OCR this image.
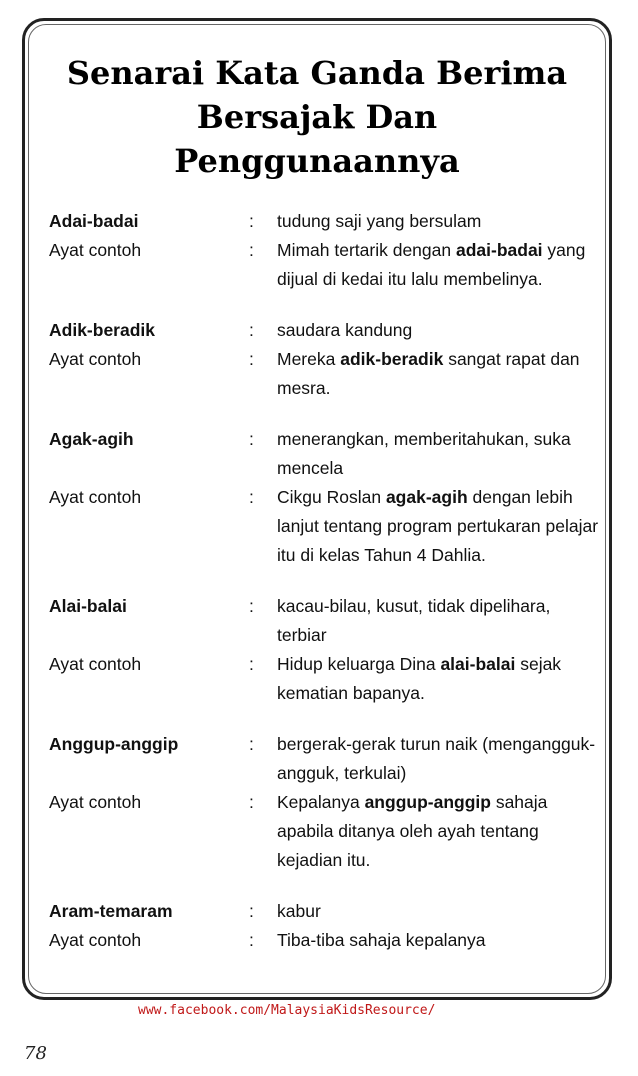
Senarai Kata Ganda Berima
Bersajak Dan
Penggunaannya
Adai-badai	:	tudung saji yang bersulam
Ayat contoh	:	Mimah tertarik dengan adai-badai yang dijual di kedai itu lalu membelinya.
Adik-beradik	:	saudara kandung
Ayat contoh	:	Mereka adik-beradik sangat rapat dan mesra.
Agak-agih	:	menerangkan, memberitahukan, suka mencela
Ayat contoh	:	Cikgu Roslan agak-agih dengan lebih lanjut tentang program pertukaran pelajar itu di kelas Tahun 4 Dahlia.
Alai-balai	:	kacau-bilau, kusut, tidak dipelihara, terbiar
Ayat contoh	:	Hidup keluarga Dina alai-balai sejak kematian bapanya.
Anggup-anggip	:	bergerak-gerak turun naik (mengangguk-angguk, terkulai)
Ayat contoh	:	Kepalanya anggup-anggip sahaja apabila ditanya oleh ayah tentang kejadian itu.
Aram-temaram	:	kabur
Ayat contoh	:	Tiba-tiba sahaja kepalanya
www.facebook.com/MalaysiaKidsResource/
78
